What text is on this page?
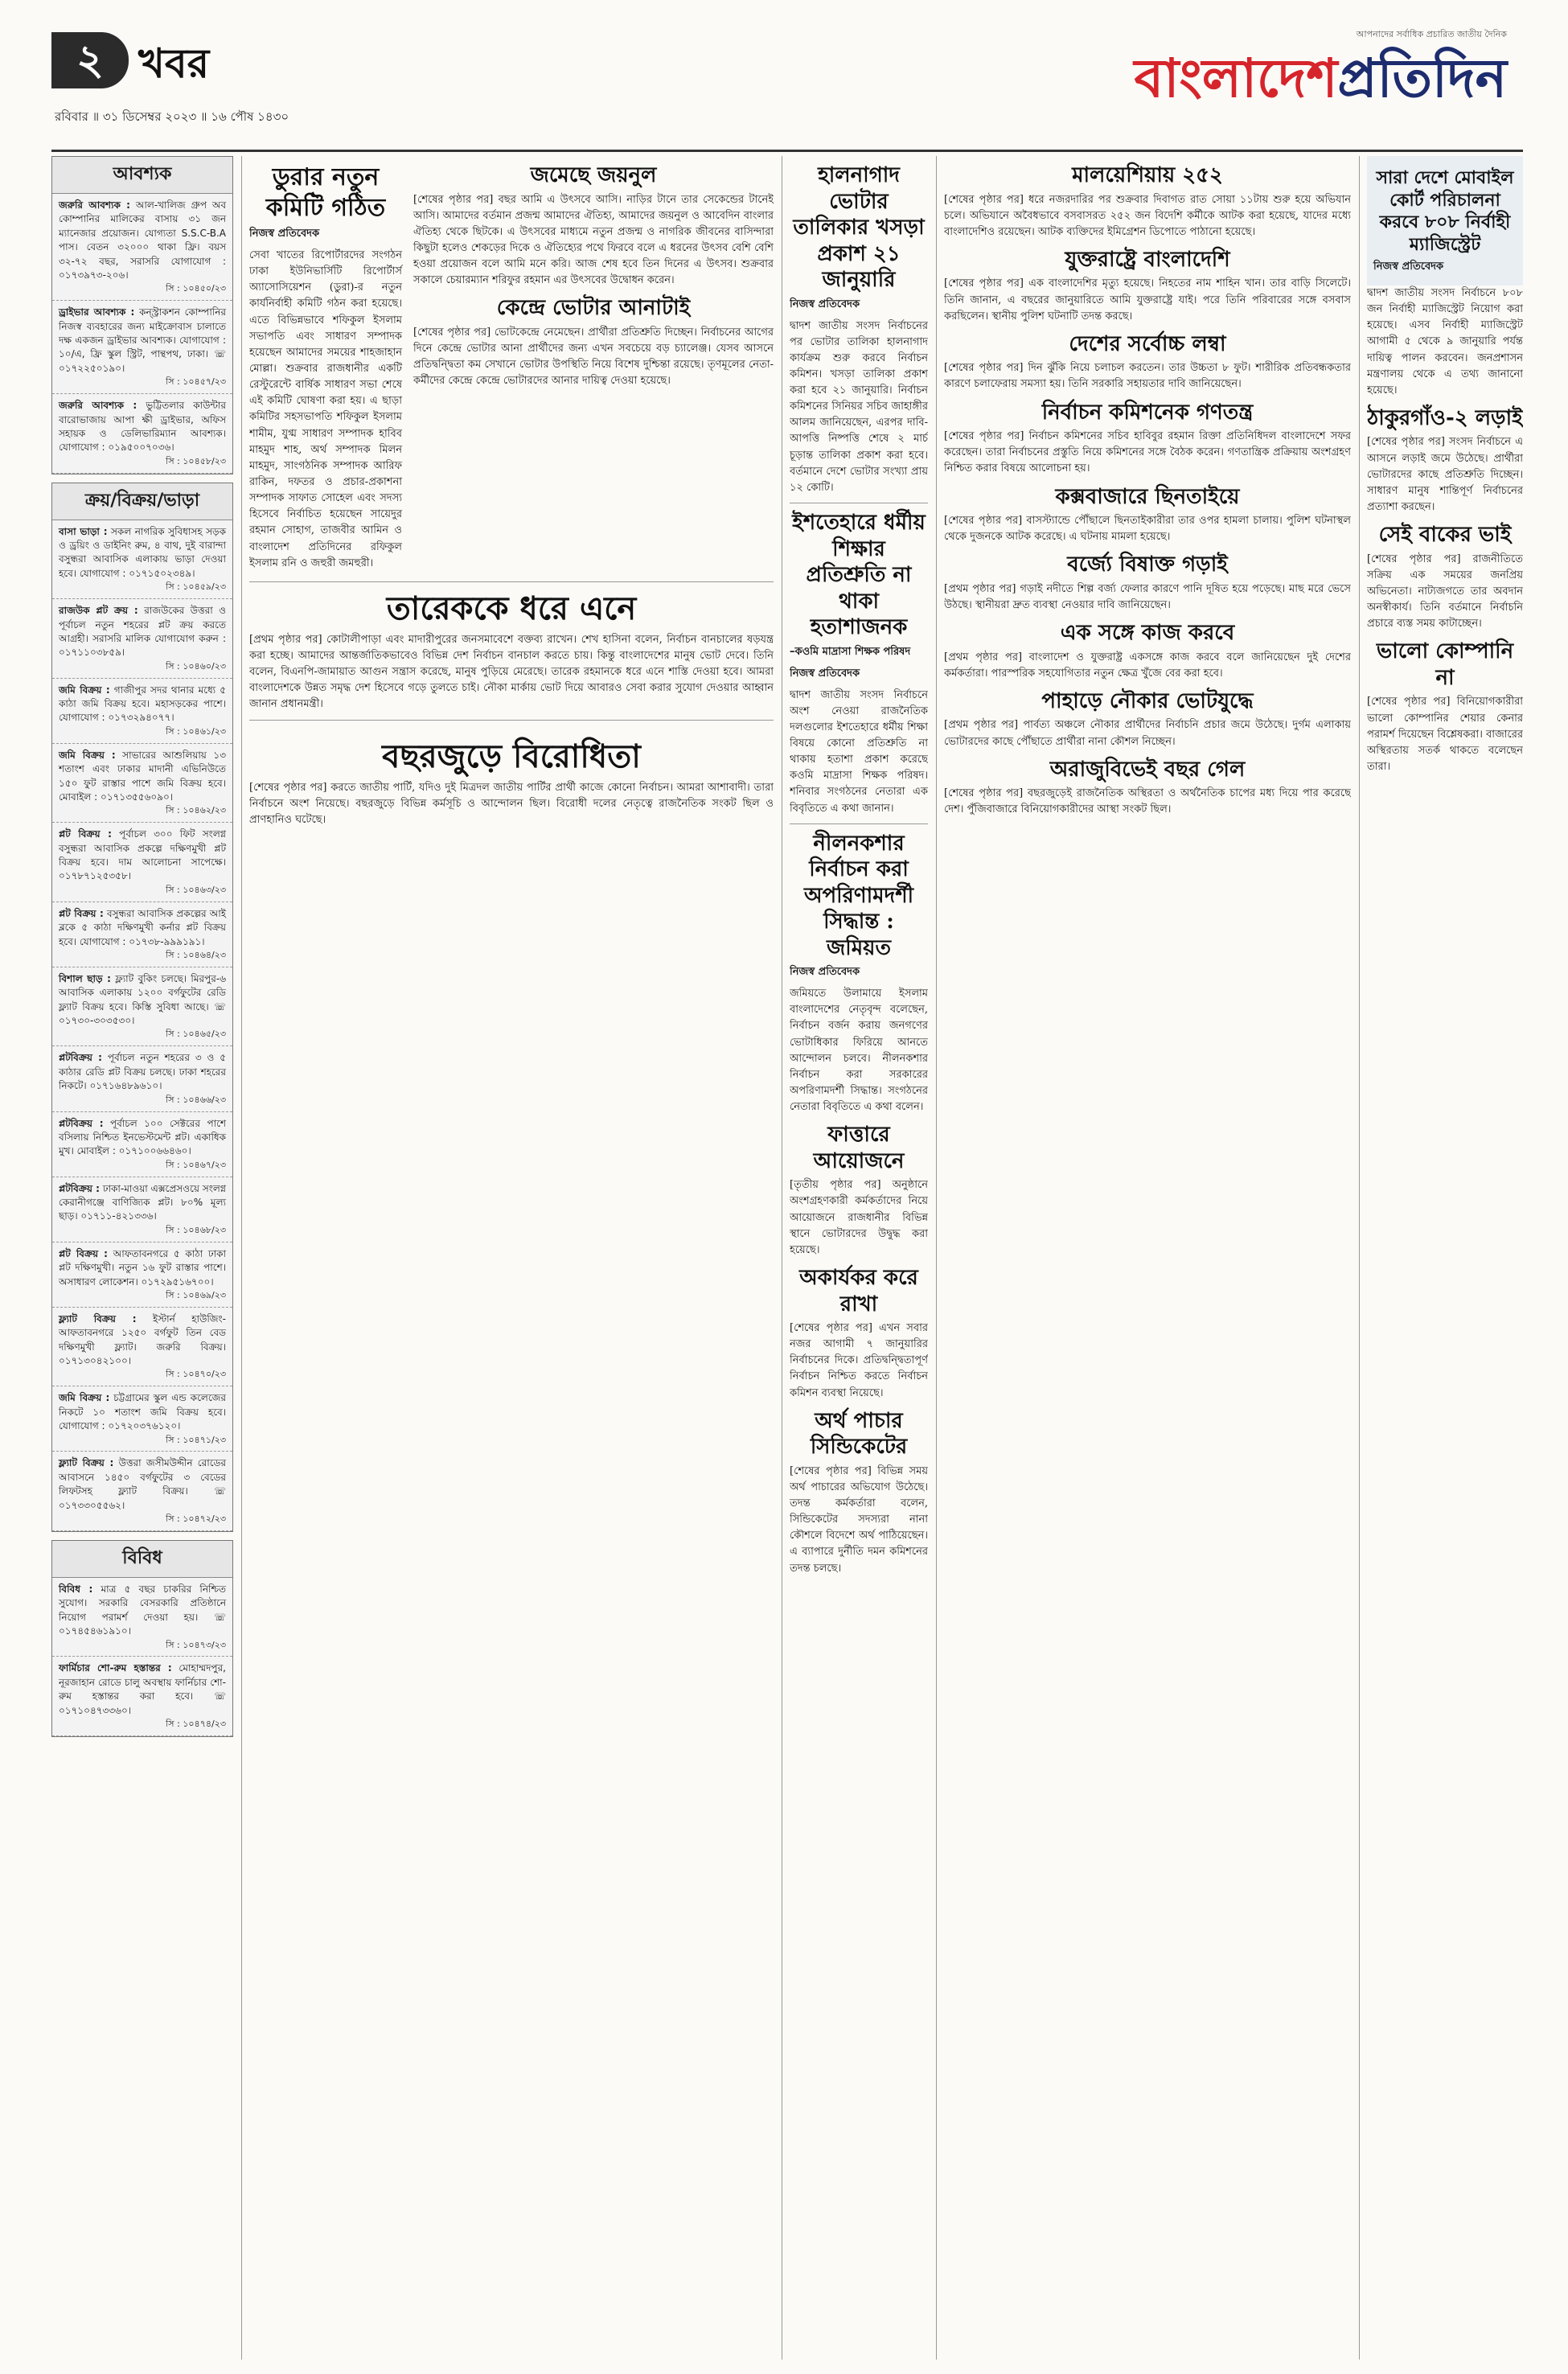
২ খবর
রবিবার ॥ ৩১ ডিসেম্বর ২০২৩ ॥ ১৬ পৌষ ১৪৩০
আপনাদের সর্বাধিক প্রচারিত জাতীয় দৈনিক
বাংলাদেশপ্রতিদিন
আবশ্যক
জরুরি আবশ্যক : আল-খালিজ গ্রুপ অব কোম্পানির মালিকের বাসায় ৩১ জন ম্যানেজার প্রয়োজন। যোগ্যতা S.S.C-B.A পাস। বেতন ৩২০০০ থাকা ফ্রি। বয়স ৩২-৭২ বছর, সরাসরি যোগাযোগ : ০১৭৩৯৭৩-২০৬।
সি : ১০৪৫০/২৩
ড্রাইভার আবশ্যক : কন্স্ট্রাকশন কোম্পানির নিজস্ব ব্যবহারের জন্য মাইক্রোবাস চালাতে দক্ষ একজন ড্রাইভার আবশ্যক। যোগাযোগ : ১০/এ, ফ্রি স্কুল স্ট্রিট, পান্থপথ, ঢাকা। ☏ ০১৭২২৫০১৯০।
সি : ১০৪৫৭/২৩
জরুরি আবশ্যক : ভুট্টিতলার কাউন্টার বারোভাজায় আপা ক্ষী ড্রাইভার, অফিস সহায়ক ও ডেলিভারিম্যান আবশ্যক। যোগাযোগ : ০১৯৫০০৭০৩৬।
সি : ১০৪৫৮/২৩
ক্রয়/বিক্রয়/ভাড়া
বাসা ভাড়া : সকল নাগরিক সুবিধাসহ সড়ক ও ড্রয়িং ও ডাইনিং রুম, ৪ বাথ, দুই বারান্দা বসুন্ধরা আবাসিক এলাকায় ভাড়া দেওয়া হবে। যোগাযোগ : ০১৭১৫০২৩৪৯।
সি : ১০৪৫৯/২৩
রাজউক প্লট ক্রয় : রাজউকের উত্তরা ও পূর্বাচল নতুন শহরের প্লট ক্রয় করতে আগ্রহী। সরাসরি মালিক যোগাযোগ করুন : ০১৭১১০৩৮৫৯।
সি : ১০৪৬০/২৩
জমি বিক্রয় : গাজীপুর সদর থানার মধ্যে ৫ কাঠা জমি বিক্রয় হবে। মহাসড়কের পাশে। যোগাযোগ : ০১৭৩২৯৪০৭৭।
সি : ১০৪৬১/২৩
জমি বিক্রয় : সাভারের আশুলিয়ায় ১৩ শতাংশ এবং ঢাকার মাদানী এভিনিউতে ১৫০ ফুট রাস্তার পাশে জমি বিক্রয় হবে। মোবাইল : ০১৭১৩৫৫৬০৯০।
সি : ১০৪৬২/২৩
প্লট বিক্রয় : পূর্বাচল ৩০০ ফিট সংলগ্ন বসুন্ধরা আবাসিক প্রকল্পে দক্ষিণমুখী প্লট বিক্রয় হবে। দাম আলোচনা সাপেক্ষে। ০১৭৮৭১২৫৩৫৮।
সি : ১০৪৬৩/২৩
প্লট বিক্রয় : বসুন্ধরা আবাসিক প্রকল্পের আই ব্লকে ৫ কাঠা দক্ষিণমুখী কর্নার প্লট বিক্রয় হবে। যোগাযোগ : ০১৭৩৮-৯৯৯১৯১।
সি : ১০৪৬৪/২৩
বিশাল ছাড় : ফ্ল্যাট বুকিং চলছে। মিরপুর-৬ আবাসিক এলাকায় ১২০০ বর্গফুটের রেডি ফ্ল্যাট বিক্রয় হবে। কিস্তি সুবিধা আছে। ☏ ০১৭৩০-৩০৩৫৩০।
সি : ১০৪৬৫/২৩
প্লটবিক্রয় : পূর্বাচল নতুন শহরের ৩ ও ৫ কাঠার রেডি প্লট বিক্রয় চলছে। ঢাকা শহরের নিকটে। ০১৭১৬৪৮৯৬১০।
সি : ১০৪৬৬/২৩
প্লটবিক্রয় : পূর্বাচল ১০০ সেক্টরের পাশে বসিলায় নিশ্চিত ইনভেস্টমেন্ট প্লট। একাধিক মুখ। মোবাইল : ০১৭১০০৬৬৪৬০।
সি : ১০৪৬৭/২৩
প্লটবিক্রয় : ঢাকা-মাওয়া এক্সপ্রেসওয়ে সংলগ্ন কেরানীগঞ্জে বাণিজ্যিক প্লট। ৮০% মূল্য ছাড়। ০১৭১১-৪২১৩৩৬।
সি : ১০৪৬৮/২৩
প্লট বিক্রয় : আফতাবনগরে ৫ কাঠা ঢাকা প্লট দক্ষিণমুখী। নতুন ১৬ ফুট রাস্তার পাশে। অসাধারণ লোকেশন। ০১৭২৯৫১৬৭০০।
সি : ১০৪৬৯/২৩
ফ্ল্যাট বিক্রয় : ইস্টার্ন হাউজিং-আফতাবনগরে ১২৫০ বর্গফুট তিন বেড দক্ষিণমুখী ফ্ল্যাট। জরুরি বিক্রয়। ০১৭১৩০৪২১০০।
সি : ১০৪৭০/২৩
জমি বিক্রয় : চট্টগ্রামের স্কুল এন্ড কলেজের নিকটে ১০ শতাংশ জমি বিক্রয় হবে। যোগাযোগ : ০১৭২০৩৭৬১২০।
সি : ১০৪৭১/২৩
ফ্ল্যাট বিক্রয় : উত্তরা জসীমউদ্দীন রোডের আবাসনে ১৪৫০ বর্গফুটের ৩ বেডের লিফটসহ ফ্ল্যাট বিক্রয়। ☏ ০১৭৩৩০৫৫৬২।
সি : ১০৪৭২/২৩
বিবিধ
বিবিধ : মাত্র ৫ বছর চাকরির নিশ্চিত সুযোগ। সরকারি বেসরকারি প্রতিষ্ঠানে নিয়োগ পরামর্শ দেওয়া হয়। ☏ ০১৭৪৫৪৬১৯১০।
সি : ১০৪৭৩/২৩
ফার্মিচার শো-রুম হস্তান্তর : মোহাম্মদপুর, নূরজাহান রোডে চালু অবস্থায় ফার্নিচার শো-রুম হস্তান্তর করা হবে। ☏ ০১৭১০৪৭৩৩৬০।
সি : ১০৪৭৪/২৩
ডুরার নতুন কমিটি গঠিত
নিজস্ব প্রতিবেদক

সেবা খাতের রিপোর্টারদের সংগঠন ঢাকা ইউনিভার্সিটি রিপোর্টার্স অ্যাসোসিয়েশন (ডুরা)-র নতুন কার্যনির্বাহী কমিটি গঠন করা হয়েছে। এতে বিভিন্নভাবে শফিকুল ইসলাম সভাপতি এবং সাধারণ সম্পাদক হয়েছেন আমাদের সময়ের শাহজাহান মোল্লা। শুক্রবার রাজধানীর একটি রেস্টুরেন্টে বার্ষিক সাধারণ সভা শেষে এই কমিটি ঘোষণা করা হয়। এ ছাড়া কমিটির সহসভাপতি শফিকুল ইসলাম শামীম, যুগ্ম সাধারণ সম্পাদক হাবিব মাহমুদ শাহ, অর্থ সম্পাদক মিলন মাহমুদ, সাংগঠনিক সম্পাদক আরিফ রাকিন, দফতর ও প্রচার-প্রকাশনা সম্পাদক সাফাত সোহেল এবং সদস্য হিসেবে নির্বাচিত হয়েছেন সায়েদুর রহমান সোহাগ, তাজবীর আমিন ও বাংলাদেশ প্রতিদিনের রফিকুল ইসলাম রনি ও জহুরী জমহুরী।

জমেছে জয়নুল

[শেষের পৃষ্ঠার পর] বছর আমি এ উৎসবে আসি। নাড়ির টানে তার সেকেন্ডের টানেই আসি। আমাদের বর্তমান প্রজন্ম আমাদের ঐতিহ্য, আমাদের জয়নুল ও আবেদিন বাংলার ঐতিহ্য থেকে ছিটকে। এ উৎসবের মাধ্যমে নতুন প্রজন্ম ও নাগরিক জীবনের বাসিন্দারা কিছুটা হলেও শেকড়ের দিকে ও ঐতিহ্যের পথে ফিরবে বলে এ ধরনের উৎসব বেশি বেশি হওয়া প্রয়োজন বলে আমি মনে করি। আজ শেষ হবে তিন দিনের এ উৎসব। শুক্রবার সকালে চেয়ারম্যান শরিফুর রহমান এর উৎসবের উদ্বোধন করেন।

কেন্দ্রে ভোটার আনাটাই

[শেষের পৃষ্ঠার পর] ভোটকেন্দ্রে নেমেছেন। প্রার্থীরা প্রতিশ্রুতি দিচ্ছেন। নির্বাচনের আগের দিনে কেন্দ্রে ভোটার আনা প্রার্থীদের জন্য এখন সবচেয়ে বড় চ্যালেঞ্জ। যেসব আসনে প্রতিদ্বন্দ্বিতা কম সেখানে ভোটার উপস্থিতি নিয়ে বিশেষ দুশ্চিন্তা রয়েছে। তৃণমূলের নেতা-কর্মীদের কেন্দ্রে কেন্দ্রে ভোটারদের আনার দায়িত্ব দেওয়া হয়েছে।

তারেককে ধরে এনে

[প্রথম পৃষ্ঠার পর] কোটালীপাড়া এবং মাদারীপুরের জনসমাবেশে বক্তব্য রাখেন। শেখ হাসিনা বলেন, নির্বাচন বানচালের ষড়যন্ত্র করা হচ্ছে। আমাদের আন্তর্জাতিকভাবেও বিভিন্ন দেশ নির্বাচন বানচাল করতে চায়। কিন্তু বাংলাদেশের মানুষ ভোট দেবে। তিনি বলেন, বিএনপি-জামায়াত আগুন সন্ত্রাস করেছে, মানুষ পুড়িয়ে মেরেছে। তারেক রহমানকে ধরে এনে শাস্তি দেওয়া হবে। আমরা বাংলাদেশকে উন্নত সমৃদ্ধ দেশ হিসেবে গড়ে তুলতে চাই। নৌকা মার্কায় ভোট দিয়ে আবারও সেবা করার সুযোগ দেওয়ার আহ্বান জানান প্রধানমন্ত্রী।

বছরজুড়ে বিরোধিতা

[শেষের পৃষ্ঠার পর] করতে জাতীয় পার্টি, যদিও দুই মিত্রদল জাতীয় পার্টির প্রার্থী কাজে কোনো নির্বাচন। আমরা আশাবাদী। তারা নির্বাচনে অংশ নিয়েছে। বছরজুড়ে বিভিন্ন কর্মসূচি ও আন্দোলন ছিল। বিরোধী দলের নেতৃত্বে রাজনৈতিক সংকট ছিল ও প্রাণহানিও ঘটেছে।

হালনাগাদ ভোটার তালিকার খসড়া প্রকাশ ২১ জানুয়ারি
নিজস্ব প্রতিবেদক

দ্বাদশ জাতীয় সংসদ নির্বাচনের পর ভোটার তালিকা হালনাগাদ কার্যক্রম শুরু করবে নির্বাচন কমিশন। খসড়া তালিকা প্রকাশ করা হবে ২১ জানুয়ারি। নির্বাচন কমিশনের সিনিয়র সচিব জাহাঙ্গীর আলম জানিয়েছেন, এরপর দাবি-আপত্তি নিষ্পত্তি শেষে ২ মার্চ চূড়ান্ত তালিকা প্রকাশ করা হবে। বর্তমানে দেশে ভোটার সংখ্যা প্রায় ১২ কোটি।

ইশতেহারে ধর্মীয় শিক্ষার প্রতিশ্রুতি না থাকা হতাশাজনক
–কওমি মাদ্রাসা শিক্ষক পরিষদ
নিজস্ব প্রতিবেদক

দ্বাদশ জাতীয় সংসদ নির্বাচনে অংশ নেওয়া রাজনৈতিক দলগুলোর ইশতেহারে ধর্মীয় শিক্ষা বিষয়ে কোনো প্রতিশ্রুতি না থাকায় হতাশা প্রকাশ করেছে কওমি মাদ্রাসা শিক্ষক পরিষদ। শনিবার সংগঠনের নেতারা এক বিবৃতিতে এ কথা জানান।

নীলনকশার নির্বাচন করা অপরিণামদর্শী সিদ্ধান্ত : জমিয়ত
নিজস্ব প্রতিবেদক

জমিয়তে উলামায়ে ইসলাম বাংলাদেশের নেতৃবৃন্দ বলেছেন, নির্বাচন বর্জন করায় জনগণের ভোটাধিকার ফিরিয়ে আনতে আন্দোলন চলবে। নীলনকশার নির্বাচন করা সরকারের অপরিণামদর্শী সিদ্ধান্ত। সংগঠনের নেতারা বিবৃতিতে এ কথা বলেন।

ফাত্তারে আয়োজনে

[তৃতীয় পৃষ্ঠার পর] অনুষ্ঠানে অংশগ্রহণকারী কর্মকর্তাদের নিয়ে আয়োজনে রাজধানীর বিভিন্ন স্থানে ভোটারদের উদ্বুদ্ধ করা হয়েছে।

অকার্যকর করে রাখা

[শেষের পৃষ্ঠার পর] এখন সবার নজর আগামী ৭ জানুয়ারির নির্বাচনের দিকে। প্রতিদ্বন্দ্বিতাপূর্ণ নির্বাচন নিশ্চিত করতে নির্বাচন কমিশন ব্যবস্থা নিয়েছে।

অর্থ পাচার সিন্ডিকেটের

[শেষের পৃষ্ঠার পর] বিভিন্ন সময় অর্থ পাচারের অভিযোগ উঠেছে। তদন্ত কর্মকর্তারা বলেন, সিন্ডিকেটের সদস্যরা নানা কৌশলে বিদেশে অর্থ পাঠিয়েছেন। এ ব্যাপারে দুর্নীতি দমন কমিশনের তদন্ত চলছে।

মালয়েশিয়ায় ২৫২

[শেষের পৃষ্ঠার পর] ধরে নজরদারির পর শুক্রবার দিবাগত রাত সোয়া ১১টায় শুরু হয়ে অভিযান চলে। অভিযানে অবৈধভাবে বসবাসরত ২৫২ জন বিদেশি কর্মীকে আটক করা হয়েছে, যাদের মধ্যে বাংলাদেশিও রয়েছেন। আটক ব্যক্তিদের ইমিগ্রেশন ডিপোতে পাঠানো হয়েছে।

যুক্তরাষ্ট্রে বাংলাদেশি

[শেষের পৃষ্ঠার পর] এক বাংলাদেশির মৃত্যু হয়েছে। নিহতের নাম শাহিন খান। তার বাড়ি সিলেটে। তিনি জানান, এ বছরের জানুয়ারিতে আমি যুক্তরাষ্ট্রে যাই। পরে তিনি পরিবারের সঙ্গে বসবাস করছিলেন। স্থানীয় পুলিশ ঘটনাটি তদন্ত করছে।

দেশের সর্বোচ্চ লম্বা

[শেষের পৃষ্ঠার পর] দিন ঝুঁকি নিয়ে চলাচল করতেন। তার উচ্চতা ৮ ফুট। শারীরিক প্রতিবন্ধকতার কারণে চলাফেরায় সমস্যা হয়। তিনি সরকারি সহায়তার দাবি জানিয়েছেন।

নির্বাচন কমিশনেক গণতন্ত্র

[শেষের পৃষ্ঠার পর] নির্বাচন কমিশনের সচিব হাবিবুর রহমান রিক্তা প্রতিনিধিদল বাংলাদেশে সফর করেছেন। তারা নির্বাচনের প্রস্তুতি নিয়ে কমিশনের সঙ্গে বৈঠক করেন। গণতান্ত্রিক প্রক্রিয়ায় অংশগ্রহণ নিশ্চিত করার বিষয়ে আলোচনা হয়।

কক্সবাজারে ছিনতাইয়ে

[শেষের পৃষ্ঠার পর] বাসস্ট্যান্ডে পৌঁছালে ছিনতাইকারীরা তার ওপর হামলা চালায়। পুলিশ ঘটনাস্থল থেকে দুজনকে আটক করেছে। এ ঘটনায় মামলা হয়েছে।

বর্জ্যে বিষাক্ত গড়াই

[প্রথম পৃষ্ঠার পর] গড়াই নদীতে শিল্প বর্জ্য ফেলার কারণে পানি দূষিত হয়ে পড়েছে। মাছ মরে ভেসে উঠছে। স্থানীয়রা দ্রুত ব্যবস্থা নেওয়ার দাবি জানিয়েছেন।

এক সঙ্গে কাজ করবে

[প্রথম পৃষ্ঠার পর] বাংলাদেশ ও যুক্তরাষ্ট্র একসঙ্গে কাজ করবে বলে জানিয়েছেন দুই দেশের কর্মকর্তারা। পারস্পরিক সহযোগিতার নতুন ক্ষেত্র খুঁজে বের করা হবে।

পাহাড়ে নৌকার ভোটযুদ্ধে

[প্রথম পৃষ্ঠার পর] পার্বত্য অঞ্চলে নৌকার প্রার্থীদের নির্বাচনি প্রচার জমে উঠেছে। দুর্গম এলাকায় ভোটারদের কাছে পৌঁছাতে প্রার্থীরা নানা কৌশল নিচ্ছেন।

অরাজুবিভেই বছর গেল

[শেষের পৃষ্ঠার পর] বছরজুড়েই রাজনৈতিক অস্থিরতা ও অর্থনৈতিক চাপের মধ্য দিয়ে পার করেছে দেশ। পুঁজিবাজারে বিনিয়োগকারীদের আস্থা সংকট ছিল।

সারা দেশে মোবাইল কোর্ট পরিচালনা করবে ৮০৮ নির্বাহী ম্যাজিস্ট্রেট
নিজস্ব প্রতিবেদক

দ্বাদশ জাতীয় সংসদ নির্বাচনে ৮০৮ জন নির্বাহী ম্যাজিস্ট্রেট নিয়োগ করা হয়েছে। এসব নির্বাহী ম্যাজিস্ট্রেট আগামী ৫ থেকে ৯ জানুয়ারি পর্যন্ত দায়িত্ব পালন করবেন। জনপ্রশাসন মন্ত্রণালয় থেকে এ তথ্য জানানো হয়েছে।

ঠাকুরগাঁও-২ লড়াই

[শেষের পৃষ্ঠার পর] সংসদ নির্বাচনে এ আসনে লড়াই জমে উঠেছে। প্রার্থীরা ভোটারদের কাছে প্রতিশ্রুতি দিচ্ছেন। সাধারণ মানুষ শান্তিপূর্ণ নির্বাচনের প্রত্যাশা করছেন।

সেই বাকের ভাই

[শেষের পৃষ্ঠার পর] রাজনীতিতে সক্রিয় এক সময়ের জনপ্রিয় অভিনেতা। নাট্যজগতে তার অবদান অনস্বীকার্য। তিনি বর্তমানে নির্বাচনি প্রচারে ব্যস্ত সময় কাটাচ্ছেন।

ভালো কোম্পানি না

[শেষের পৃষ্ঠার পর] বিনিয়োগকারীরা ভালো কোম্পানির শেয়ার কেনার পরামর্শ দিয়েছেন বিশ্লেষকরা। বাজারের অস্থিরতায় সতর্ক থাকতে বলেছেন তারা।
